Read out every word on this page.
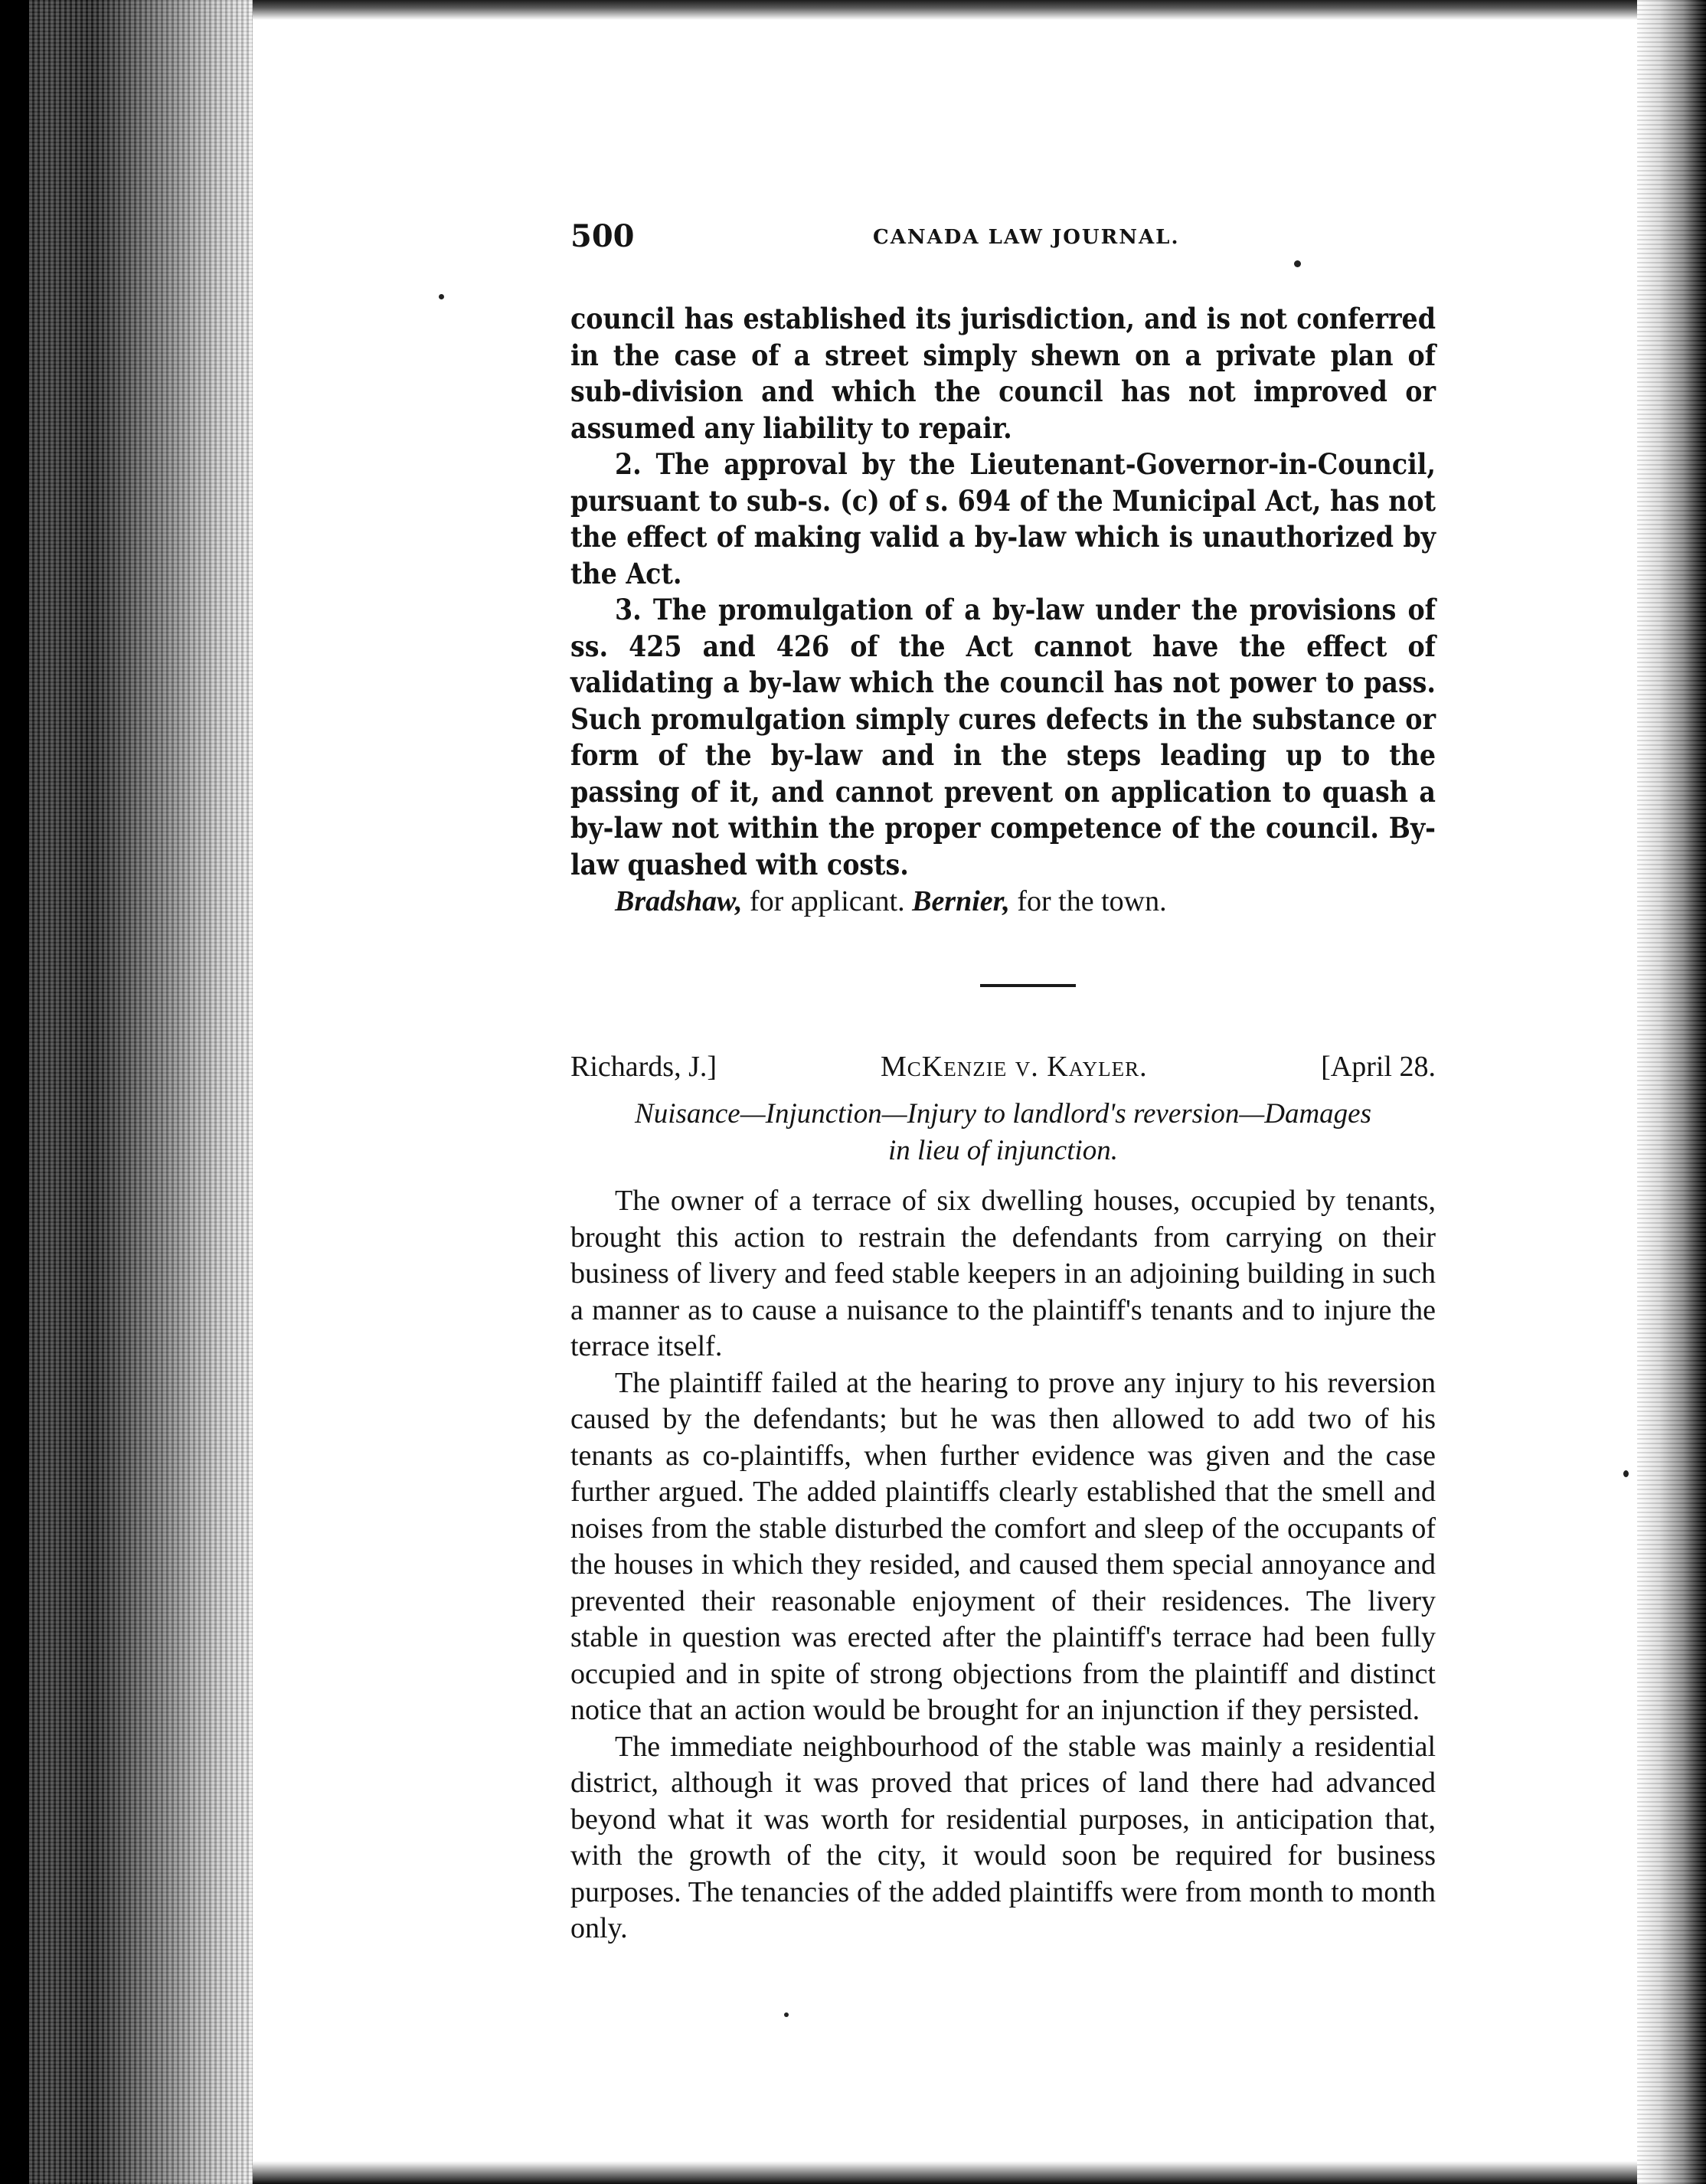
500	CANADA LAW JOURNAL.

council has established its jurisdiction, and is not conferred in the case of a street simply shewn on a private plan of sub-division and which the council has not improved or assumed any liability to repair.

2. The approval by the Lieutenant-Governor-in-Council, pursuant to sub-s. (c) of s. 694 of the Municipal Act, has not the effect of making valid a by-law which is unauthorized by the Act.

3. The promulgation of a by-law under the provisions of ss. 425 and 426 of the Act cannot have the effect of validating a by-law which the council has not power to pass. Such promulgation simply cures defects in the substance or form of the by-law and in the steps leading up to the passing of it, and cannot prevent on application to quash a by-law not within the proper competence of the council. By-law quashed with costs.

Bradshaw, for applicant. Bernier, for the town.

Richards, J.]	McKenzie v. Kayler.	[April 28.
Nuisance—Injunction—Injury to landlord's reversion—Damages
in lieu of injunction.

The owner of a terrace of six dwelling houses, occupied by tenants, brought this action to restrain the defendants from carrying on their business of livery and feed stable keepers in an adjoining building in such a manner as to cause a nuisance to the plaintiff's tenants and to injure the terrace itself.

The plaintiff failed at the hearing to prove any injury to his reversion caused by the defendants; but he was then allowed to add two of his tenants as co-plaintiffs, when further evidence was given and the case further argued. The added plaintiffs clearly established that the smell and noises from the stable disturbed the comfort and sleep of the occupants of the houses in which they resided, and caused them special annoyance and prevented their reasonable enjoyment of their residences. The livery stable in question was erected after the plaintiff's terrace had been fully occupied and in spite of strong objections from the plaintiff and distinct notice that an action would be brought for an injunction if they persisted.

The immediate neighbourhood of the stable was mainly a residential district, although it was proved that prices of land there had advanced beyond what it was worth for residential purposes, in anticipation that, with the growth of the city, it would soon be required for business purposes. The tenancies of the added plaintiffs were from month to month only.
